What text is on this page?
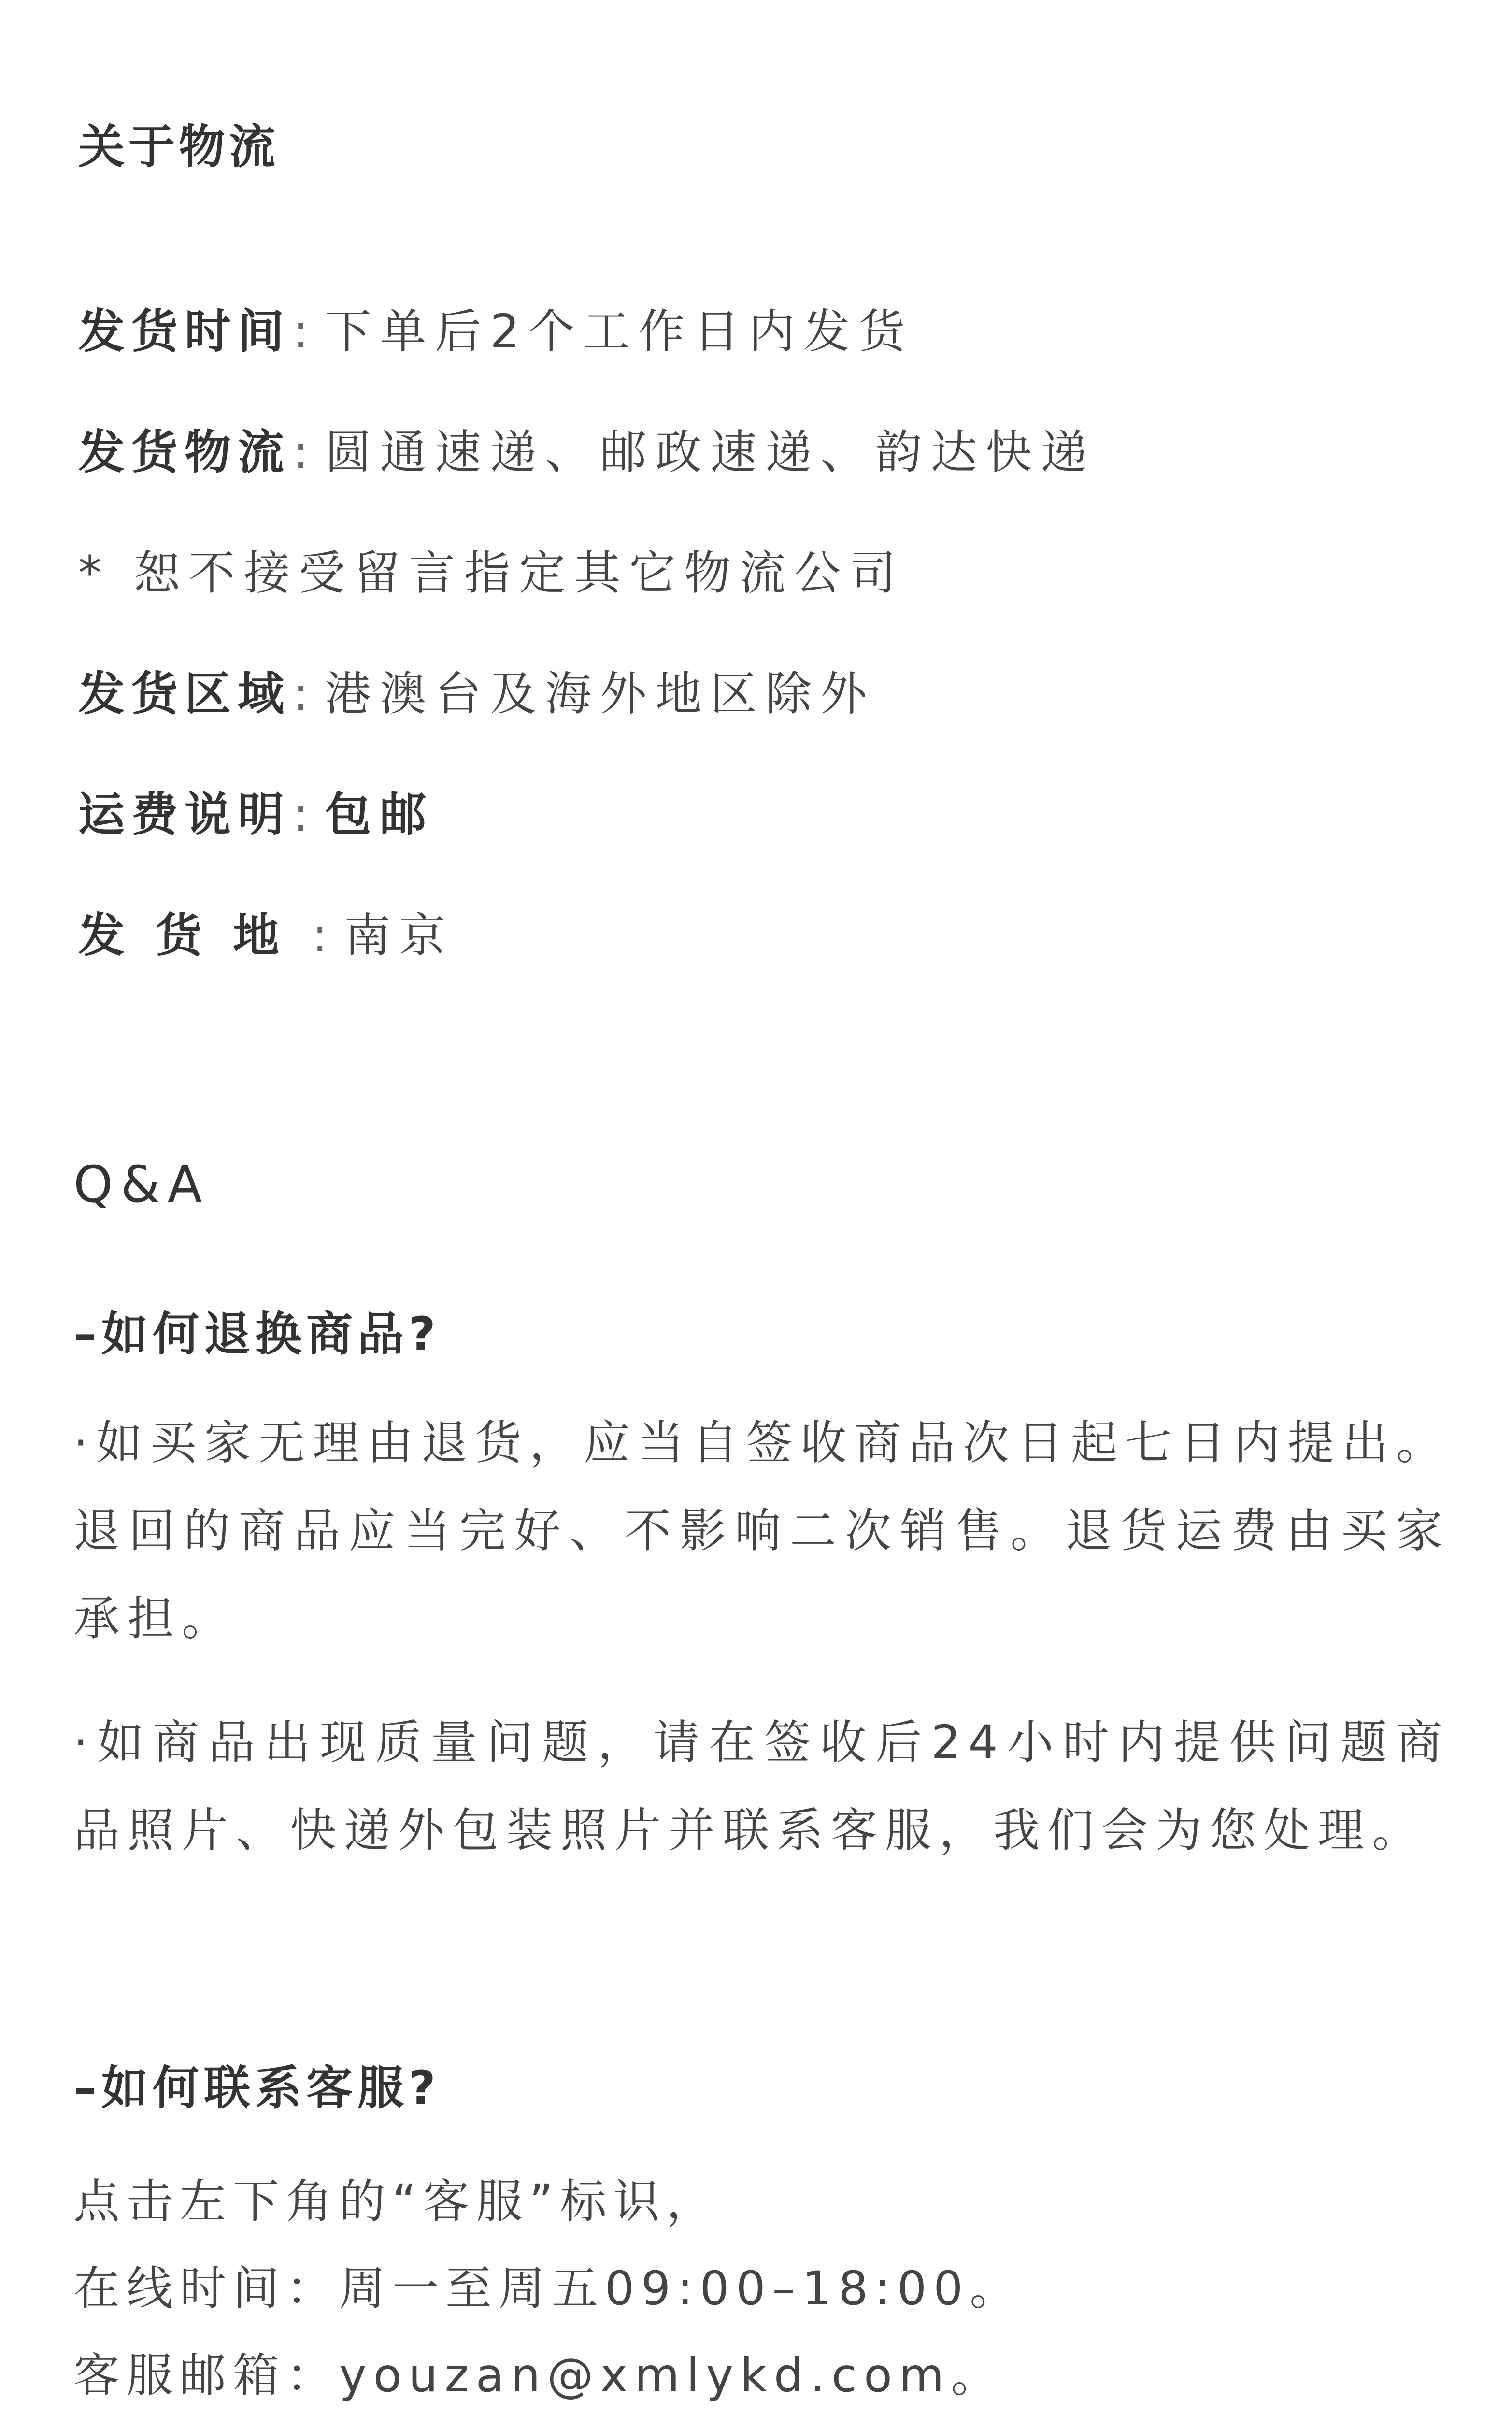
关于物流
发货时间: 下单后2个工作日内发货
发货物流: 圆通速递、邮政速递、韵达快递
* 恕不接受留言指定其它物流公司
发货区域: 港澳台及海外地区除外
运费说明: 包邮
发货地: 南京
Q&A
–如何退换商品?
·如买家无理由退货，应当自签收商品次日起七日内提出。退回的商品应当完好、不影响二次销售。退货运费由买家承担。
·如商品出现质量问题，请在签收后24小时内提供问题商品照片、快递外包装照片并联系客服，我们会为您处理。
–如何联系客服?
点击左下角的“客服”标识，
在线时间：周一至周五09:00–18:00。
客服邮箱：youzan@xmlykd.com。
